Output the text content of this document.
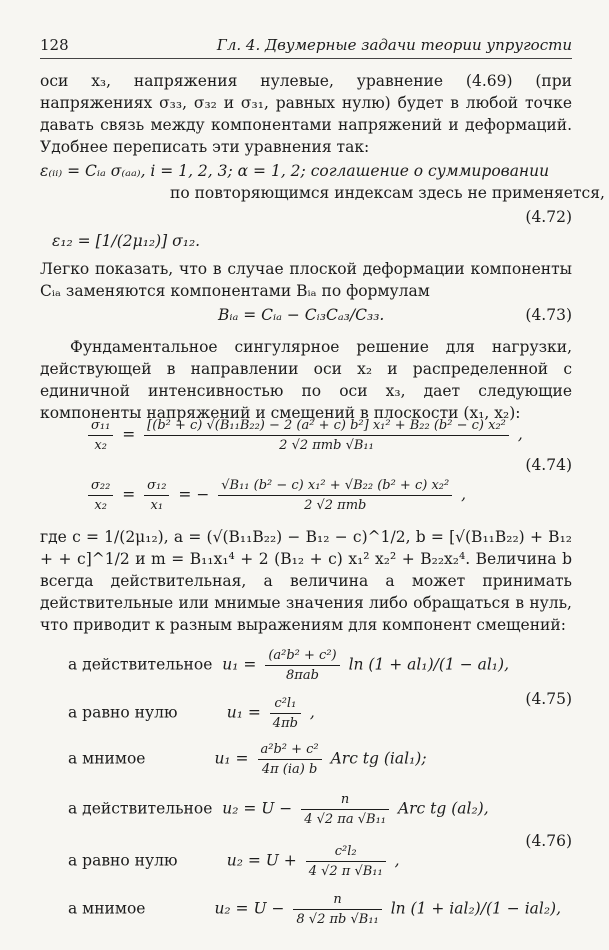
128	Гл. 4. Двумерные задачи теории упругости
оси x₃, напряжения нулевые, уравнение (4.69) (при напряжениях σ₃₃, σ₃₂ и σ₃₁, равных нулю) будет в любой точке давать связь между компонентами напряжений и деформаций. Удобнее переписать эти уравнения так:
ε₍ᵢᵢ₎ = Cᵢₐ σ₍ₐₐ₎, i = 1, 2, 3; α = 1, 2; соглашение о суммировании
по повторяющимся индексам здесь не применяется,
(4.72)
ε₁₂ = [1/(2μ₁₂)] σ₁₂.
Легко показать, что в случае плоской деформации компоненты Cᵢₐ заменяются компонентами Bᵢₐ по формулам
Bᵢₐ = Cᵢₐ − Cᵢ₃Cₐ₃/C₃₃.	(4.73)
Фундаментальное сингулярное решение для нагрузки, действующей в направлении оси x₂ и распределенной с единичной интенсивностью по оси x₃, дает следующие компоненты напряжений и смещений в плоскости (x₁, x₂):
$\frac{\text{σ₁₁}}{\text{x₂}} = \frac{\text{[(b² + c) √(B₁₁B₂₂) − 2 (a² + c) b²] x₁² + B₂₂ (b² − c) x₂²}}{\text{2 √2 πmb √B₁₁}}$ ,
(4.74)
$\frac{\text{σ₂₂}}{\text{x₂}} = \frac{\text{σ₁₂}}{\text{x₁}}$ = − $\frac{\text{√B₁₁ (b² − c) x₁² + √B₂₂ (b² + c) x₂²}}{\text{2 √2 πmb}}$ ,
где c = 1/(2μ₁₂), a = (√(B₁₁B₂₂) − B₁₂ − c)^1/2, b = [√(B₁₁B₂₂) + B₁₂ + + c]^1/2 и m = B₁₁x₁⁴ + 2 (B₁₂ + c) x₁² x₂² + B₂₂x₂⁴. Величина b всегда действительная, а величина a может принимать действительные или мнимые значения либо обращаться в нуль, что приводит к разным выражениям для компонент смещений:
a действительное $u_1 = \frac{\text{(a²b² + c²)}}{\text{8πab}}$ ln (1 + al₁)/(1 − al₁),
a равно нулю	$u_1 = \frac{\text{c²l₁}}{4\pi b}$ ,
(4.75)
a мнимое	$u_1 = \frac{\text{a²b² + c²}}{4\pi (ia) b}$ Arc tg (ial₁);
a действительное $u_2 = U - \frac{n}{\text{4 √2 πa √B₁₁}}$ Arc tg (al₂),
a равно нулю	$u_2 = U + \frac{\text{c²l₂}}{\text{4 √2 π √B₁₁}}$ ,
(4.76)
a мнимое	$u_2 = U - \frac{n}{\text{8 √2 πb √B₁₁}}$ ln (1 + ial₂)/(1 − ial₂),
